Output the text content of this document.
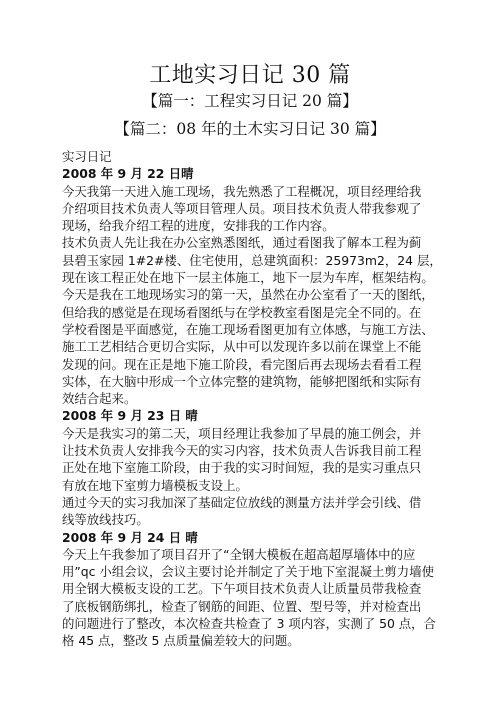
工地实习日记 30 篇
【篇一：工程实习日记 20 篇】
【篇二：08 年的土木实习日记 30 篇】
实习日记
2008 年 9 月 22 日晴
今天我第一天进入施工现场，我先熟悉了工程概况，项目经理给我
介绍项目技术负责人等项目管理人员。项目技术负责人带我参观了
现场，给我介绍工程的进度，安排我的工作内容。
技术负责人先让我在办公室熟悉图纸，通过看图我了解本工程为蓟
县碧玉家园 1#2#楼、住宅使用，总建筑面积：25973m2，24 层，
现在该工程正处在地下一层主体施工，地下一层为车库，框架结构。
今天是我在工地现场实习的第一天，虽然在办公室看了一天的图纸，
但给我的感觉是在现场看图纸与在学校教室看图是完全不同的。在
学校看图是平面感觉，在施工现场看图更加有立体感，与施工方法、
施工工艺相结合更切合实际，从中可以发现许多以前在课堂上不能
发现的问。现在正是地下施工阶段，看完图后再去现场去看看工程
实体，在大脑中形成一个立体完整的建筑物，能够把图纸和实际有
效结合起来。
2008 年 9 月 23 日 晴
今天是我实习的第二天，项目经理让我参加了早晨的施工例会，并
让技术负责人安排我今天的实习内容，技术负责人告诉我目前工程
正处在地下室施工阶段，由于我的实习时间短，我的是实习重点只
有放在地下室剪力墙模板支设上。
通过今天的实习我加深了基础定位放线的测量方法并学会引线、借
线等放线技巧。
2008 年 9 月 24 日 晴
今天上午我参加了项目召开了“全钢大模板在超高超厚墙体中的应
用”qc 小组会议，会议主要讨论并制定了关于地下室混凝土剪力墙使
用全钢大模板支设的工艺。下午项目技术负责人让质量员带我检查
了底板钢筋绑扎，检查了钢筋的间距、位置、型号等，并对检查出
的问题进行了整改，本次检查共检查了 3 项内容，实测了 50 点，合
格 45 点，整改 5 点质量偏差较大的问题。
